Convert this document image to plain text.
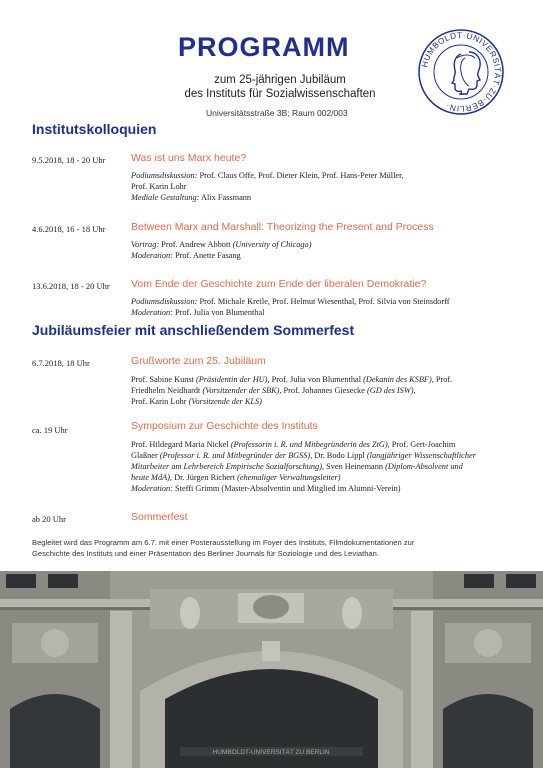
PROGRAMM
zum 25-jährigen Jubiläum
des Instituts für Sozialwissenschaften
Universitätsstraße 3B; Raum 002/003
HUMBOLDT·UNIVERSITÄT·ZU·BERLIN·
Institutskolloquien
9.5.2018, 18 - 20 Uhr Was ist uns Marx heute?
Podiumsdiskussion: Prof. Claus Offe, Prof. Dieter Klein, Prof. Hans-Peter Müller,
Prof. Karin Lohr
Mediale Gestaltung: Alix Fassmann
4.6.2018, 16 - 18 Uhr Between Marx and Marshall: Theorizing the Present and Process
Vortrag: Prof. Andrew Abbott (University of Chicago)
Moderation: Prof. Anette Fasang
13.6.2018, 18 - 20 Uhr Vom Ende der Geschichte zum Ende der liberalen Demokratie?
Podiumsdiskussion: Prof. Michale Kreile, Prof. Helmut Wiesenthal, Prof. Silvia von Steinsdorff
Moderation: Prof. Julia von Blumenthal
Jubiläumsfeier mit anschließendem Sommerfest
6.7.2018, 18 Uhr	Grußworte zum 25. Jubiläum
Prof. Sabine Kunst (Präsidentin der HU), Prof. Julia von Blumenthal (Dekanin des KSBF), Prof.
Friedhelm Neidhardt (Vorsitzender der SBK), Prof. Johannes Giesecke (GD des ISW),
Prof. Karin Lohr (Vorsitzende der KLS)
ca. 19 Uhr	Symposium zur Geschichte des Instituts
Prof. Hildegard Maria Nickel (Professorin i. R. und Mitbegründerin des ZtG), Prof. Gert-Joachim
Glaßner (Professor i. R. und Mitbegründer der BGSS), Dr. Bodo Lippl (langjähriger Wissenschaftlicher
Mitarbeiter am Lehrbereich Empirische Sozialforschung), Sven Heinemann (Diplom-Absolvent und
heute MdA), Dr. Jürgen Richert (ehemaliger Verwaltungsleiter)
Moderation: Steffi Grimm (Master-Absolventin und Mitglied im Alumni-Verein)
ab 20 Uhr	Sommerfest
Begleitet wird das Programm am 6.7. mit einer Posterausstellung im Foyer des Instituts, Filmdokumentationen zur
Geschichte des Instituts und einer Präsentation des Berliner Journals für Soziologie und des Leviathan.
HUMBOLDT-UNIVERSITÄT ZU BERLIN
